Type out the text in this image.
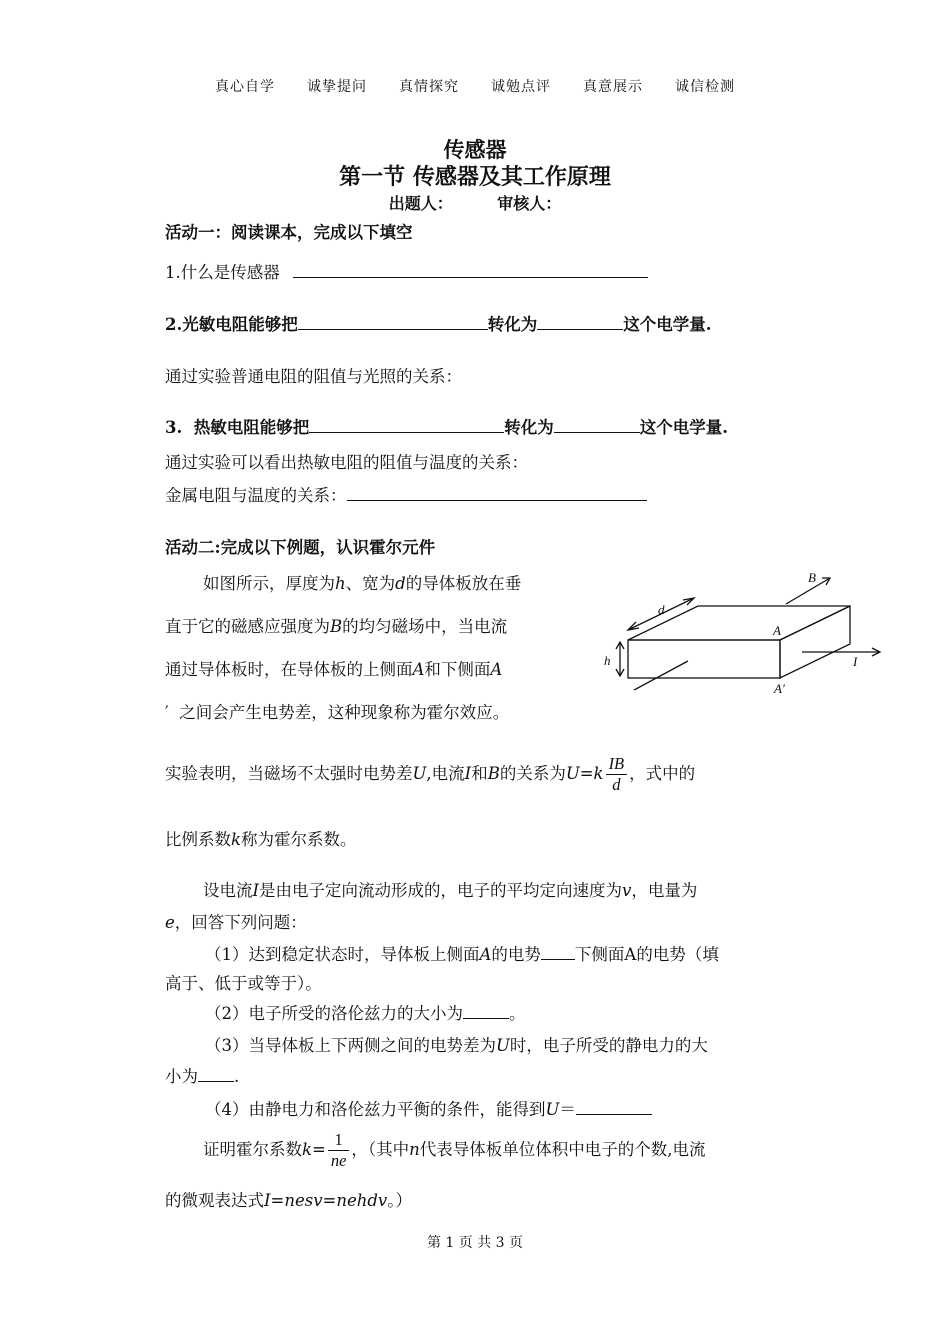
真心自学 诚挚提问 真情探究 诚勉点评 真意展示 诚信检测
传感器
第一节 传感器及其工作原理
出题人：        审核人：
活动一：阅读课本，完成以下填空
1.什么是传感器
2.光敏电阻能够把	转化为	这个电学量.
通过实验普通电阻的阻值与光照的关系：
3.  热敏电阻能够把	转化为	这个电学量.
通过实验可以看出热敏电阻的阻值与温度的关系：
金属电阻与温度的关系：
活动二:完成以下例题，认识霍尔元件
如图所示，厚度为h、宽为d的导体板放在垂
直于它的磁感应强度为B的均匀磁场中，当电流
通过导体板时，在导体板的上侧面A和下侧面A
′  之间会产生电势差，这种现象称为霍尔效应。
B
d
A
h	I
A′
实验表明，当磁场不太强时电势差U,电流I和B的关系为$U=k \frac{IB}{d}$ ，式中的
比例系数k称为霍尔系数。
设电流I是由电子定向流动形成的，电子的平均定向速度为v，电量为
e，回答下列问题：
（1）达到稳定状态时，导体板上侧面A的电势 下侧面A的电势（填
高于、低于或等于）。
（2）电子所受的洛伦兹力的大小为	。
（3）当导体板上下两侧之间的电势差为U时，电子所受的静电力的大
小为 .
（4）由静电力和洛伦兹力平衡的条件，能得到U＝
证明霍尔系数$k= \frac{1}{ne}$ ，（其中n代表导体板单位体积中电子的个数,电流
的微观表达式I=nesv=nehdv。）
第 1 页 共 3 页
